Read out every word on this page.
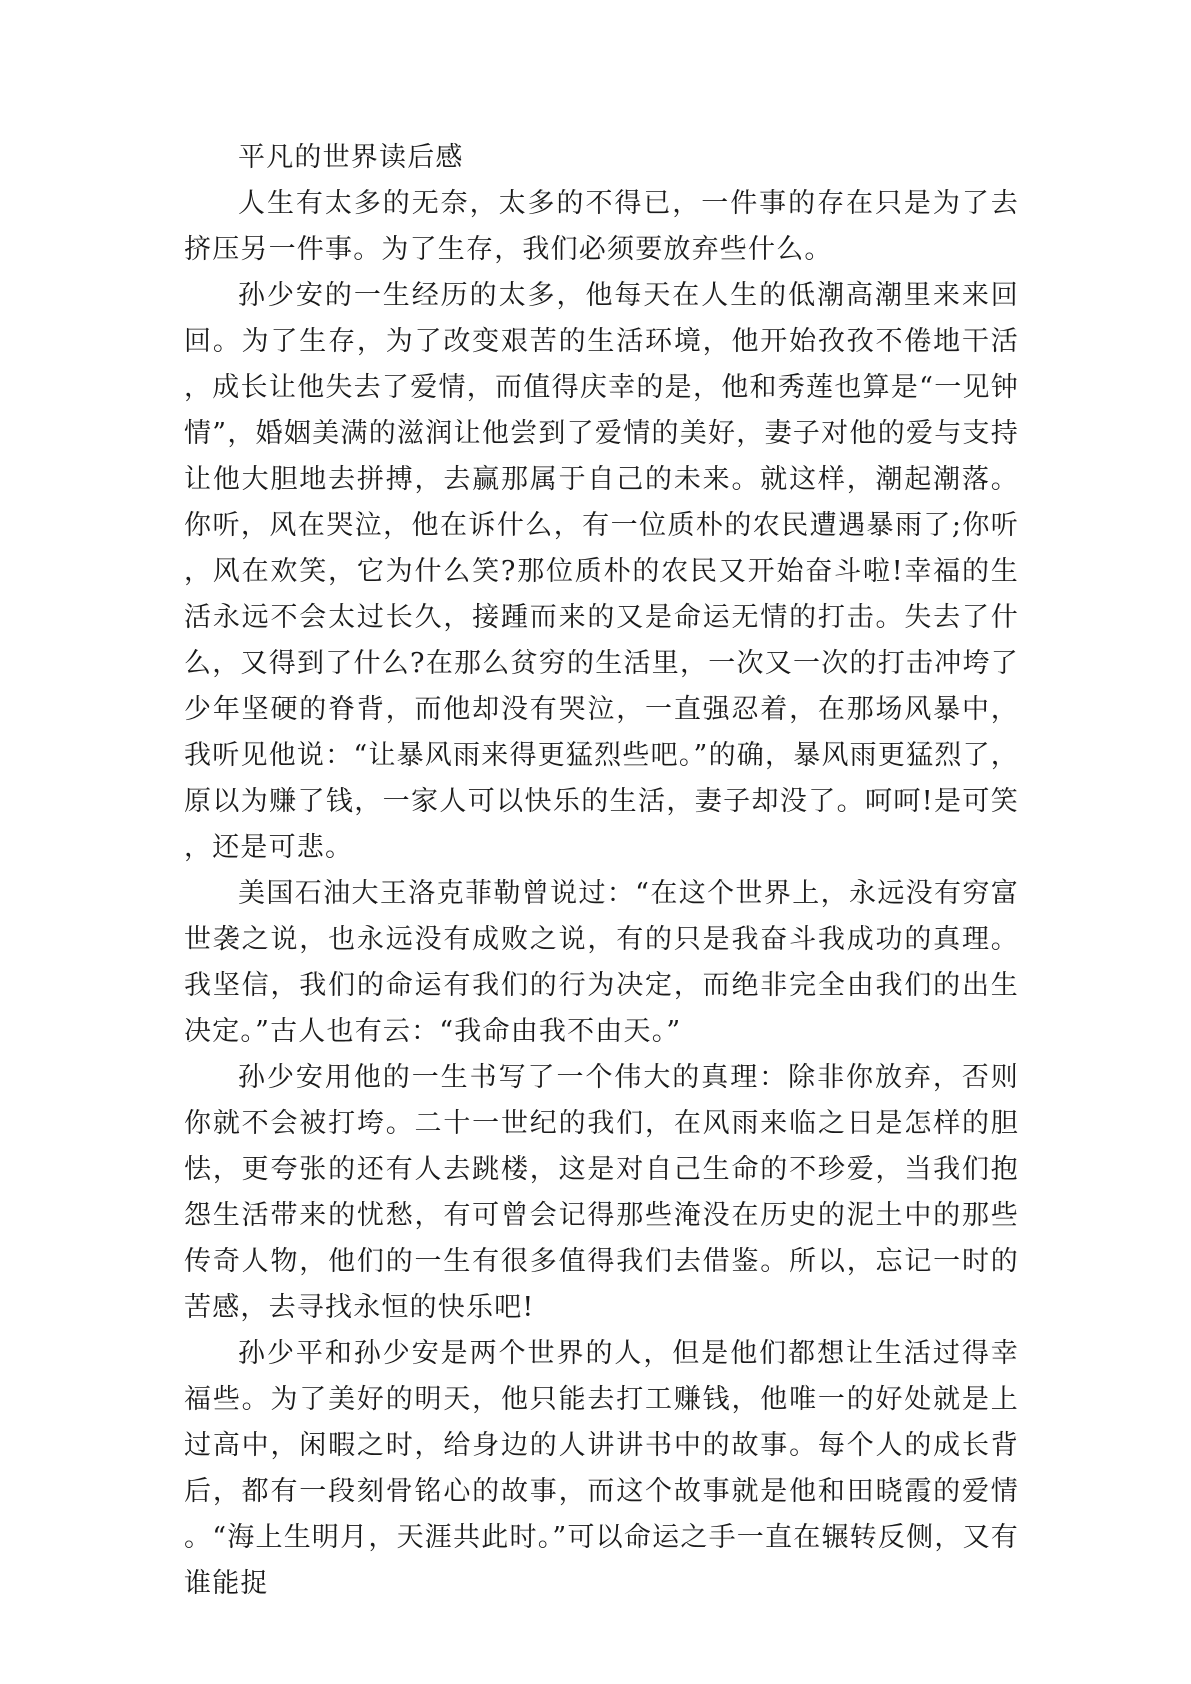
平凡的世界读后感

人生有太多的无奈，太多的不得已，一件事的存在只是为了去挤压另一件事。为了生存，我们必须要放弃些什么。

孙少安的一生经历的太多，他每天在人生的低潮高潮里来来回回。为了生存，为了改变艰苦的生活环境，他开始孜孜不倦地干活，成长让他失去了爱情，而值得庆幸的是，他和秀莲也算是“一见钟情”，婚姻美满的滋润让他尝到了爱情的美好，妻子对他的爱与支持让他大胆地去拼搏，去赢那属于自己的未来。就这样，潮起潮落。你听，风在哭泣，他在诉什么，有一位质朴的农民遭遇暴雨了;你听，风在欢笑，它为什么笑?那位质朴的农民又开始奋斗啦!幸福的生活永远不会太过长久，接踵而来的又是命运无情的打击。失去了什么，又得到了什么?在那么贫穷的生活里，一次又一次的打击冲垮了少年坚硬的脊背，而他却没有哭泣，一直强忍着，在那场风暴中，我听见他说：“让暴风雨来得更猛烈些吧。”的确，暴风雨更猛烈了，原以为赚了钱，一家人可以快乐的生活，妻子却没了。呵呵!是可笑，还是可悲。

美国石油大王洛克菲勒曾说过：“在这个世界上，永远没有穷富世袭之说，也永远没有成败之说，有的只是我奋斗我成功的真理。我坚信，我们的命运有我们的行为决定，而绝非完全由我们的出生决定。”古人也有云：“我命由我不由天。”

孙少安用他的一生书写了一个伟大的真理：除非你放弃，否则你就不会被打垮。二十一世纪的我们，在风雨来临之日是怎样的胆怯，更夸张的还有人去跳楼，这是对自己生命的不珍爱，当我们抱怨生活带来的忧愁，有可曾会记得那些淹没在历史的泥土中的那些传奇人物，他们的一生有很多值得我们去借鉴。所以，忘记一时的苦感，去寻找永恒的快乐吧!

孙少平和孙少安是两个世界的人，但是他们都想让生活过得幸福些。为了美好的明天，他只能去打工赚钱，他唯一的好处就是上过高中，闲暇之时，给身边的人讲讲书中的故事。每个人的成长背后，都有一段刻骨铭心的故事，而这个故事就是他和田晓霞的爱情。“海上生明月，天涯共此时。”可以命运之手一直在辗转反侧，又有谁能捉
